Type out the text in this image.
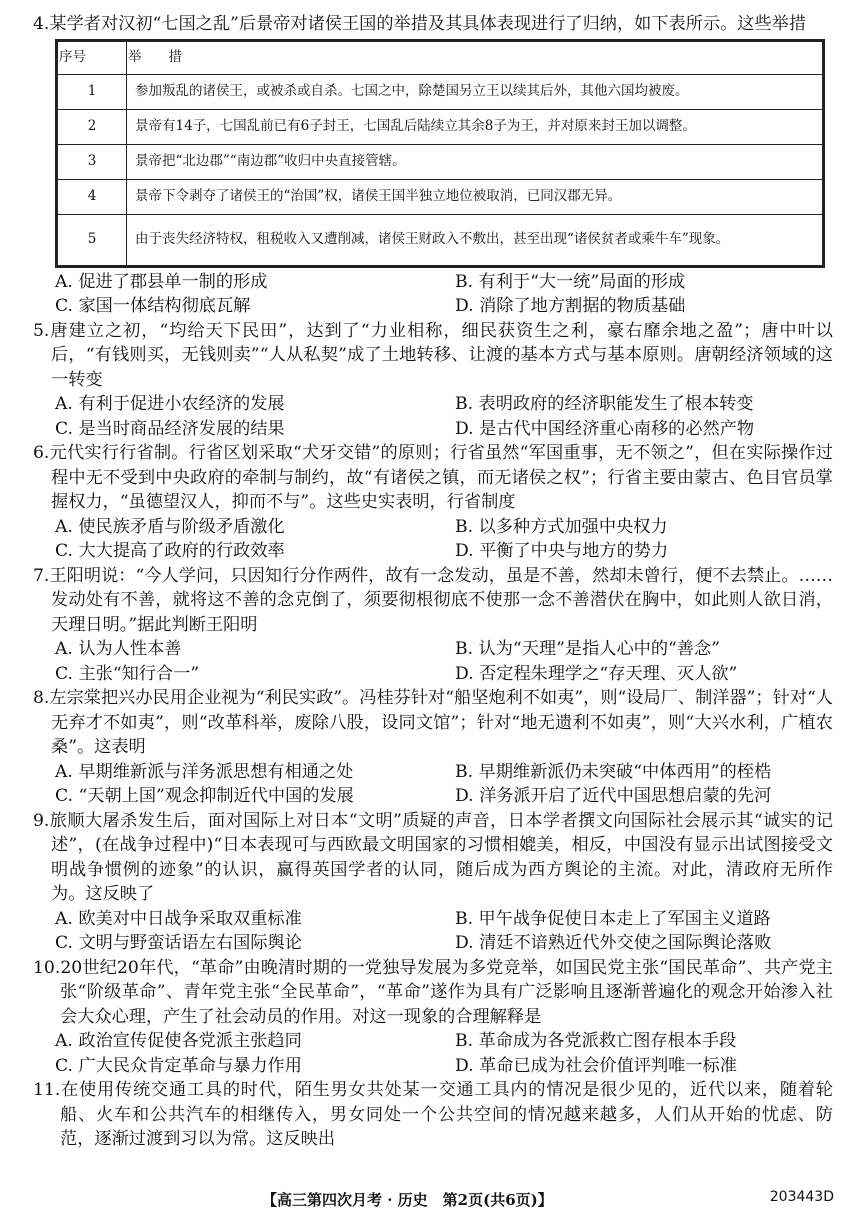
4.某学者对汉初“七国之乱”后景帝对诸侯王国的举措及其具体表现进行了归纳，如下表所示。这些举措
序号	举　　措
1	参加叛乱的诸侯王，或被杀或自杀。七国之中，除楚国另立王以续其后外，其他六国均被废。
2	景帝有14子，七国乱前已有6子封王，七国乱后陆续立其余8子为王，并对原来封王加以调整。
3	景帝把“北边郡”“南边郡”收归中央直接管辖。
4	景帝下令剥夺了诸侯王的“治国”权，诸侯王国半独立地位被取消，已同汉郡无异。
5	由于丧失经济特权，租税收入又遭削减，诸侯王财政入不敷出，甚至出现“诸侯贫者或乘牛车”现象。
A. 促进了郡县单一制的形成	B. 有利于“大一统”局面的形成
C. 家国一体结构彻底瓦解	D. 消除了地方割据的物质基础
5.唐建立之初，“均给天下民田”，达到了“力业相称，细民获资生之利，豪右靡余地之盈”；唐中叶以后，“有钱则买，无钱则卖”“人从私契”成了土地转移、让渡的基本方式与基本原则。唐朝经济领域的这一转变
A. 有利于促进小农经济的发展	B. 表明政府的经济职能发生了根本转变
C. 是当时商品经济发展的结果	D. 是古代中国经济重心南移的必然产物
6.元代实行行省制。行省区划采取“犬牙交错”的原则；行省虽然“军国重事，无不领之”，但在实际操作过程中无不受到中央政府的牵制与制约，故“有诸侯之镇，而无诸侯之权”；行省主要由蒙古、色目官员掌握权力，“虽德望汉人，抑而不与”。这些史实表明，行省制度
A. 使民族矛盾与阶级矛盾激化	B. 以多种方式加强中央权力
C. 大大提高了政府的行政效率	D. 平衡了中央与地方的势力
7.王阳明说：“今人学问，只因知行分作两件，故有一念发动，虽是不善，然却未曾行，便不去禁止。……发动处有不善，就将这不善的念克倒了，须要彻根彻底不使那一念不善潜伏在胸中，如此则人欲日消，天理日明。”据此判断王阳明
A. 认为人性本善	B. 认为“天理”是指人心中的“善念”
C. 主张“知行合一”	D. 否定程朱理学之“存天理、灭人欲”
8.左宗棠把兴办民用企业视为“利民实政”。冯桂芬针对“船坚炮利不如夷”，则“设局厂、制洋器”；针对“人无弃才不如夷”，则“改革科举，废除八股，设同文馆”；针对“地无遗利不如夷”，则“大兴水利，广植农桑”。这表明
A. 早期维新派与洋务派思想有相通之处	B. 早期维新派仍未突破“中体西用”的桎梏
C. “天朝上国”观念抑制近代中国的发展	D. 洋务派开启了近代中国思想启蒙的先河
9.旅顺大屠杀发生后，面对国际上对日本“文明”质疑的声音，日本学者撰文向国际社会展示其“诚实的记述”，(在战争过程中)“日本表现可与西欧最文明国家的习惯相媲美，相反，中国没有显示出试图接受文明战争惯例的迹象”的认识，赢得英国学者的认同，随后成为西方舆论的主流。对此，清政府无所作为。这反映了
A. 欧美对中日战争采取双重标准	B. 甲午战争促使日本走上了军国主义道路
C. 文明与野蛮话语左右国际舆论	D. 清廷不谙熟近代外交使之国际舆论落败
10.20世纪20年代，“革命”由晚清时期的一党独导发展为多党竞举，如国民党主张“国民革命”、共产党主张“阶级革命”、青年党主张“全民革命”，“革命”遂作为具有广泛影响且逐渐普遍化的观念开始渗入社会大众心理，产生了社会动员的作用。对这一现象的合理解释是
A. 政治宣传促使各党派主张趋同	B. 革命成为各党派救亡图存根本手段
C. 广大民众肯定革命与暴力作用	D. 革命已成为社会价值评判唯一标准
11.在使用传统交通工具的时代，陌生男女共处某一交通工具内的情况是很少见的，近代以来，随着轮船、火车和公共汽车的相继传入，男女同处一个公共空间的情况越来越多，人们从开始的忧虑、防范，逐渐过渡到习以为常。这反映出
【高三第四次月考 · 历史　第2页(共6页)】	203443D
